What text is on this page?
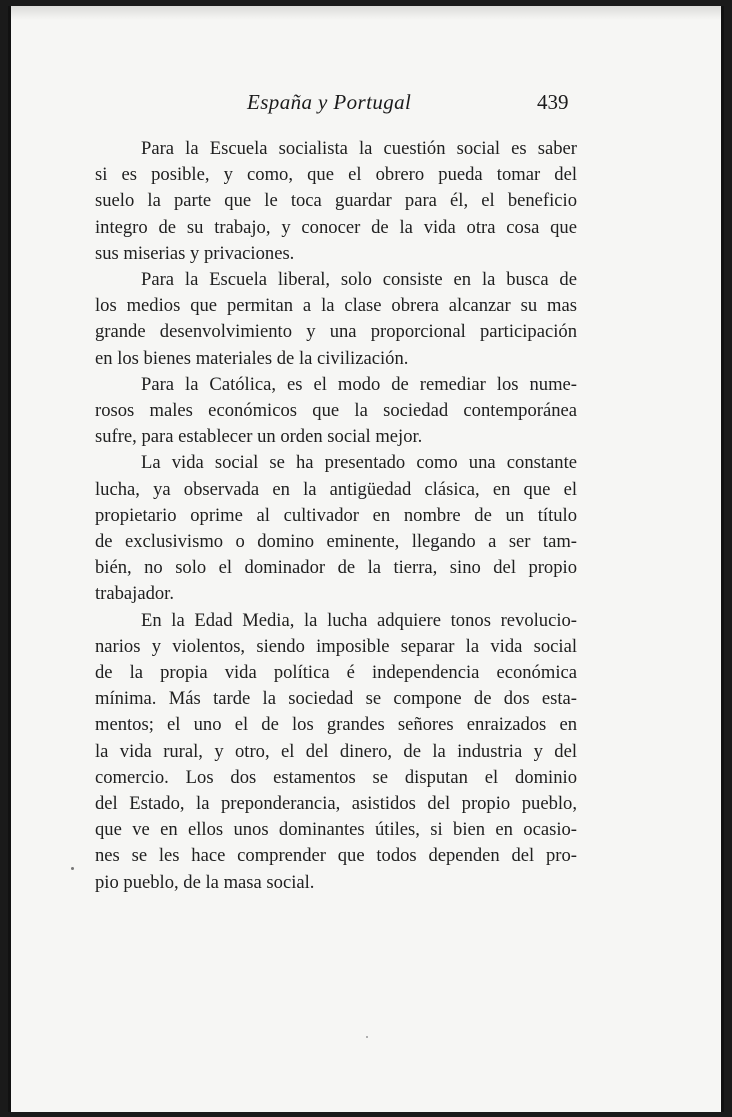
España y Portugal	439

Para la Escuela socialista la cuestión social es saber
si es posible, y como, que el obrero pueda tomar del
suelo la parte que le toca guardar para él, el beneficio
integro de su trabajo, y conocer de la vida otra cosa que
sus miserias y privaciones.

Para la Escuela liberal, solo consiste en la busca de
los medios que permitan a la clase obrera alcanzar su mas
grande desenvolvimiento y una proporcional participación
en los bienes materiales de la civilización.

Para la Católica, es el modo de remediar los nume-
rosos males económicos que la sociedad contemporánea
sufre, para establecer un orden social mejor.

La vida social se ha presentado como una constante
lucha, ya observada en la antigüedad clásica, en que el
propietario oprime al cultivador en nombre de un título
de exclusivismo o domino eminente, llegando a ser tam-
bién, no solo el dominador de la tierra, sino del propio
trabajador.

En la Edad Media, la lucha adquiere tonos revolucio-
narios y violentos, siendo imposible separar la vida social
de la propia vida política é independencia económica
mínima. Más tarde la sociedad se compone de dos esta-
mentos; el uno el de los grandes señores enraizados en
la vida rural, y otro, el del dinero, de la industria y del
comercio. Los dos estamentos se disputan el dominio
del Estado, la preponderancia, asistidos del propio pueblo,
que ve en ellos unos dominantes útiles, si bien en ocasio-
nes se les hace comprender que todos dependen del pro-
pio pueblo, de la masa social.
